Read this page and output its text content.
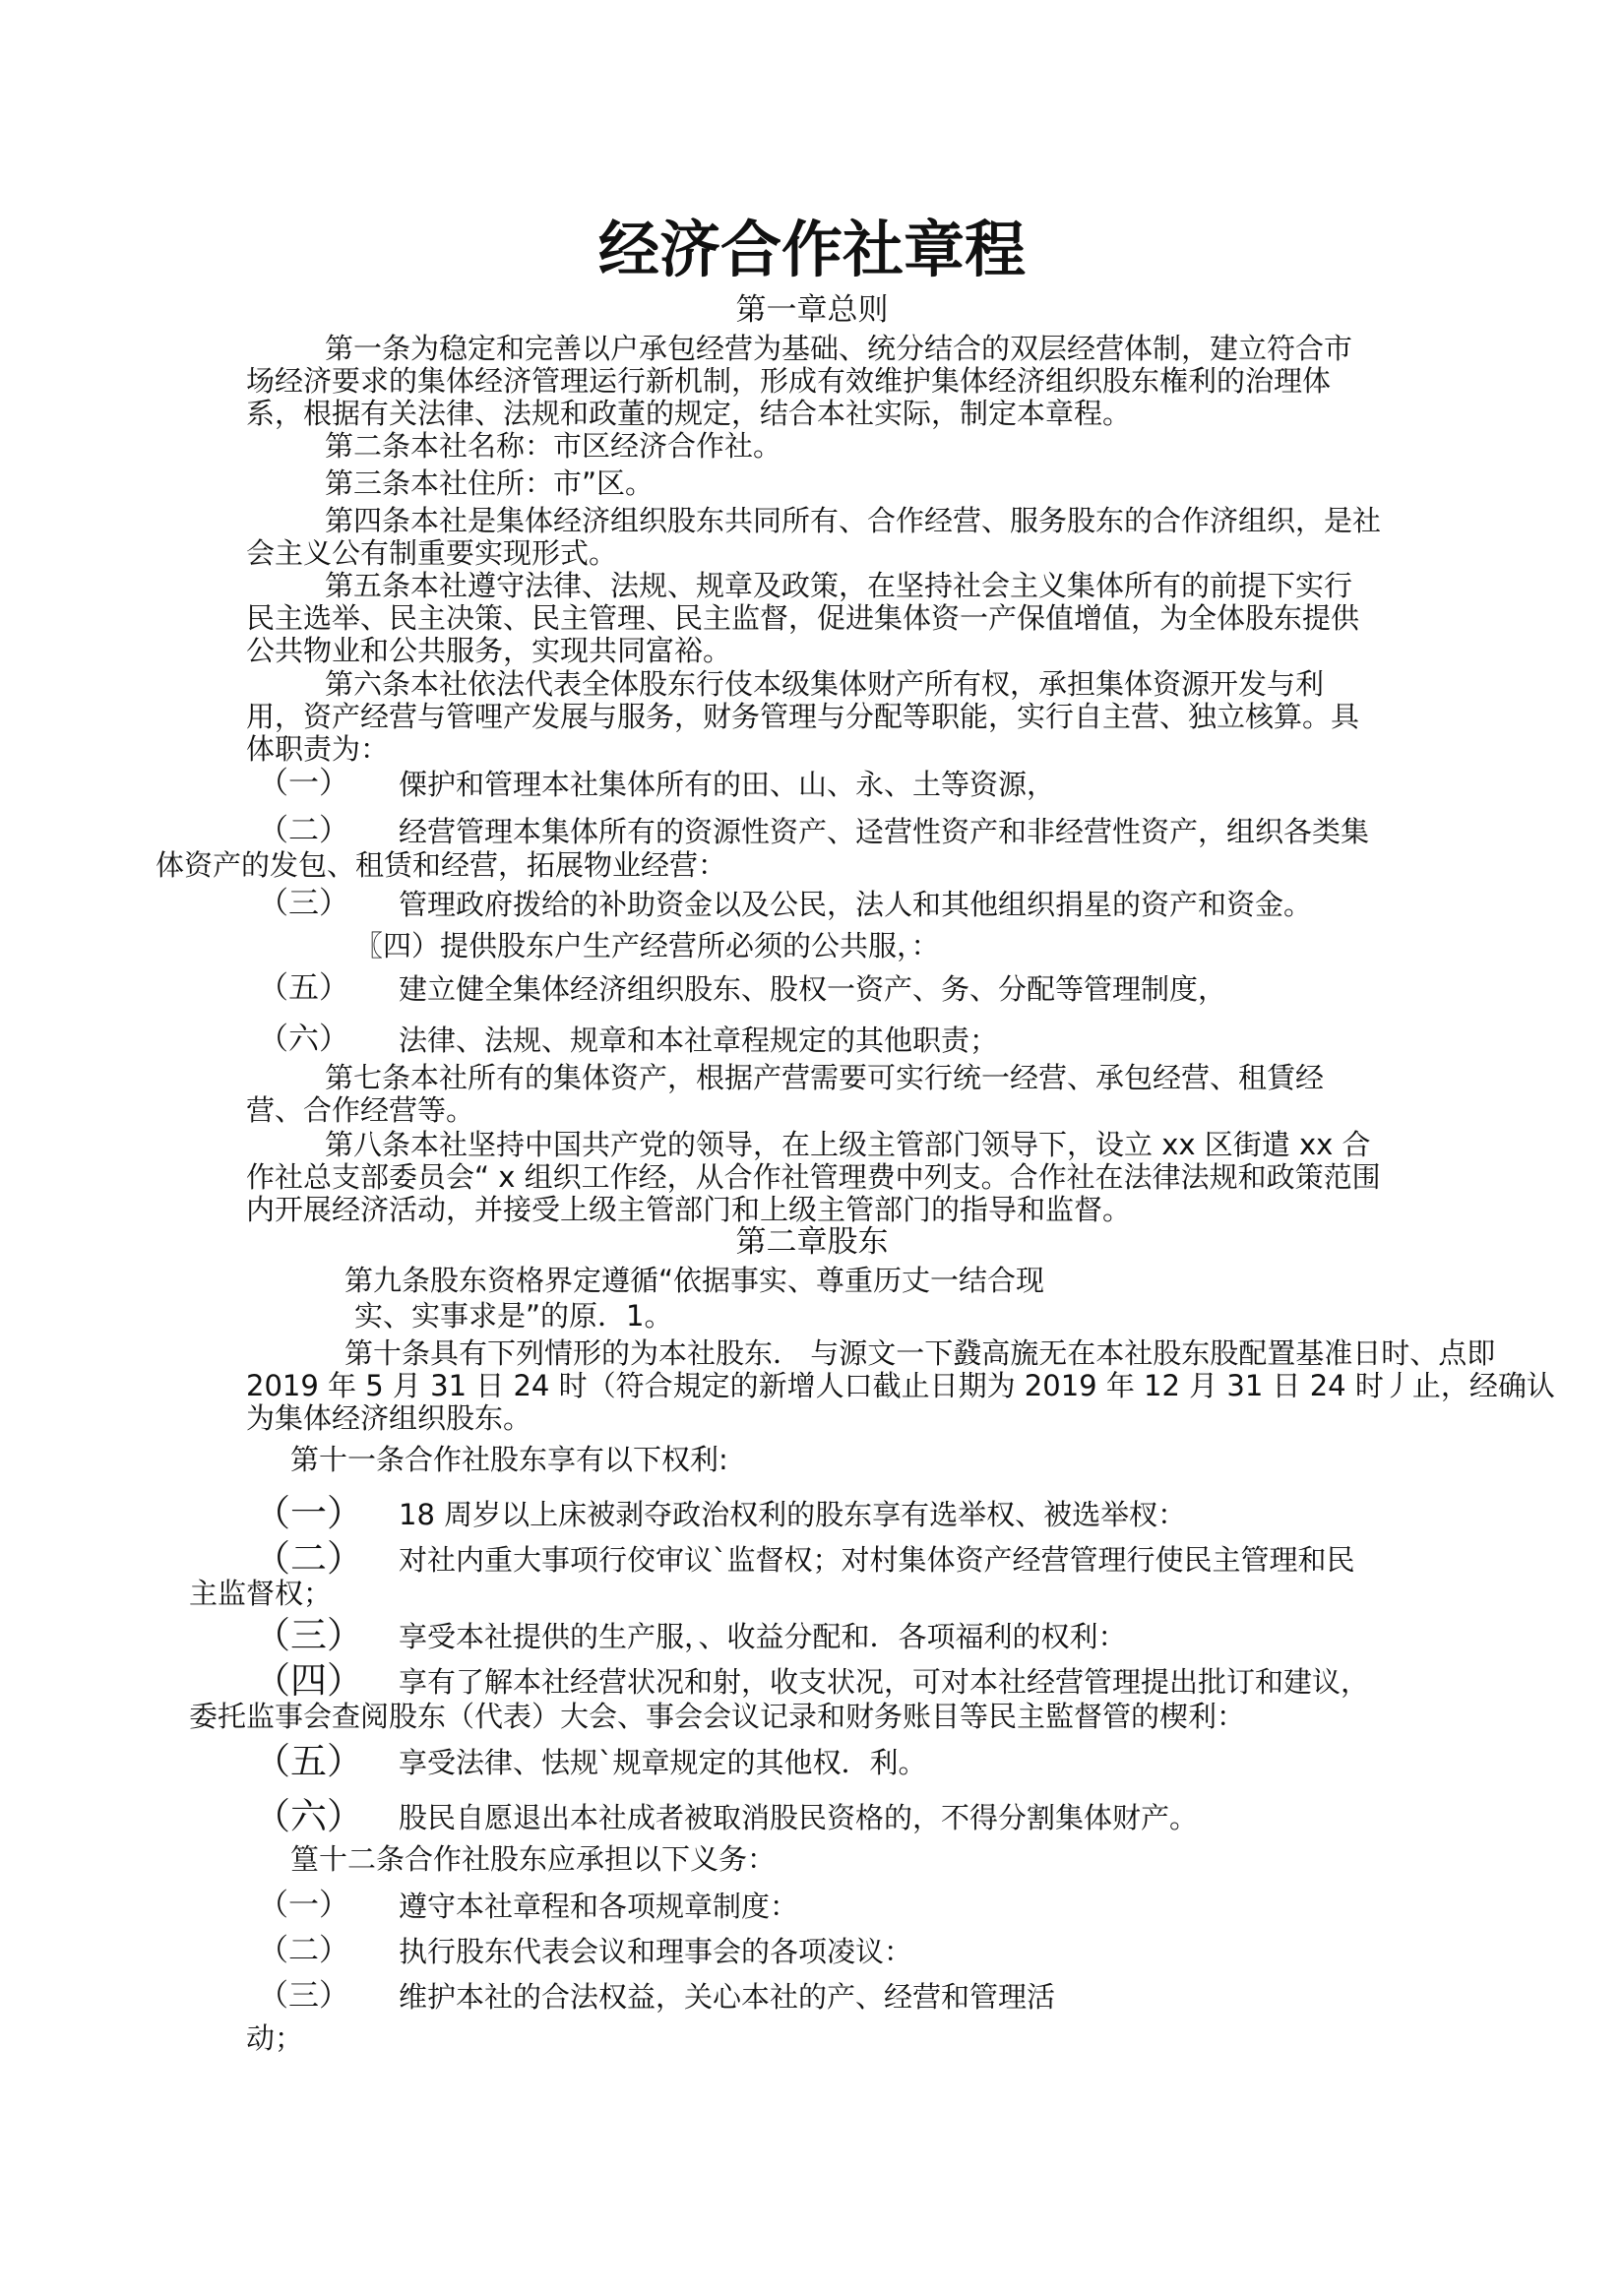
经济合作社章程
第一章总则
第一条为稳定和完善以户承包经营为基础、统分结合的双层经营体制，建立符合市
场经济要求的集体经济管理运行新机制，形成有效维护集体经济组织股东権利的治理体
系，根据有关法律、法规和政董的规定，结合本社实际，制定本章程。
第二条本社名称：市区经济合作社。
第三条本社住所：市”区。
第四条本社是集体经济组织股东共同所有、合作经营、服务股东的合作济组织，是社
会主义公有制重要实现形式。
第五条本社遵守法律、法规、规章及政策，在坚持社会主义集体所有的前提下实行
民主选举、民主决策、民主管理、民主监督，促进集体资一产保值增值，为全体股东提供
公共物业和公共服务，实现共同富裕。
第六条本社依法代表全体股东行伎本级集体财产所有杈，承担集体资源开发与利
用，资产经营与管哩产发展与服务，财务管理与分配等职能，实行自主营、独立核算。具
体职责为：
（一） 傈护和管理本社集体所有的田、山、永、土等资源，
（二） 经营管理本集体所有的资源性资产、迳营性资产和非经营性资产，组织各类集
体资产的发包、租赁和经营，拓展物业经营：
（三） 管理政府拨给的补助资金以及公民，法人和其他组织捐星的资产和资金。
〖四）提供股东户生产经营所必须的公共服，：
（五） 建立健全集体经济组织股东、股权一资产、务、分配等管理制度，
（六） 法律、法规、规章和本社章程规定的其他职责；
第七条本社所有的集体资产，根据产营需要可实行统一经营、承包经营、租賃经
营、合作经营等。
第八条本社坚持中国共产党的领导，在上级主管部门领导下，设立 xx 区街遣 xx 合
作社总支部委员会“ x 组织工作经，从合作社管理费中列支。合作社在法律法规和政策范围
内开展经济活动，并接受上级主管部门和上级主管部门的指导和监督。
第二章股东
第九条股东资格界定遵循“依据事实、尊重历丈一结合现
实、实事求是”的原．1。
第十条具有下列情形的为本社股东． 与源文一下鼗高旒无在本社股东股配置基准日时、点即
2019 年 5 月 31 日 24 时（符合規定的新增人口截止日期为 2019 年 12 月 31 日 24 时丿止，经确认
为集体经济组织股东。
第十一条合作社股东享有以下权利:
（一） 18 周岁以上床被剥夺政治权利的股东享有选举权、被选举杈：
（二） 对社内重大事项行佼审议`监督权；对村集体资产经营管理行使民主管理和民
主监督权；
（三） 享受本社提供的生产服，、收益分配和．各项福利的权利：
（四） 享有了解本社经营状况和射，收支状况，可对本社经营管理提出批订和建议，
委托监事会查阅股东（代表）大会、事会会议记录和财务账目等民主監督管的楔利：
（五） 享受法律、怯规`规章规定的其他权．利。
（六） 股民自愿退出本社成者被取消股民资格的，不得分割集体财产。
篁十二条合作社股东应承担以下义务：
（一） 遵守本社章程和各项规章制度：
（二） 执行股东代表会议和理事会的各项凌议：
（三） 维护本社的合法权益，关心本社的产、经营和管理活
动；
